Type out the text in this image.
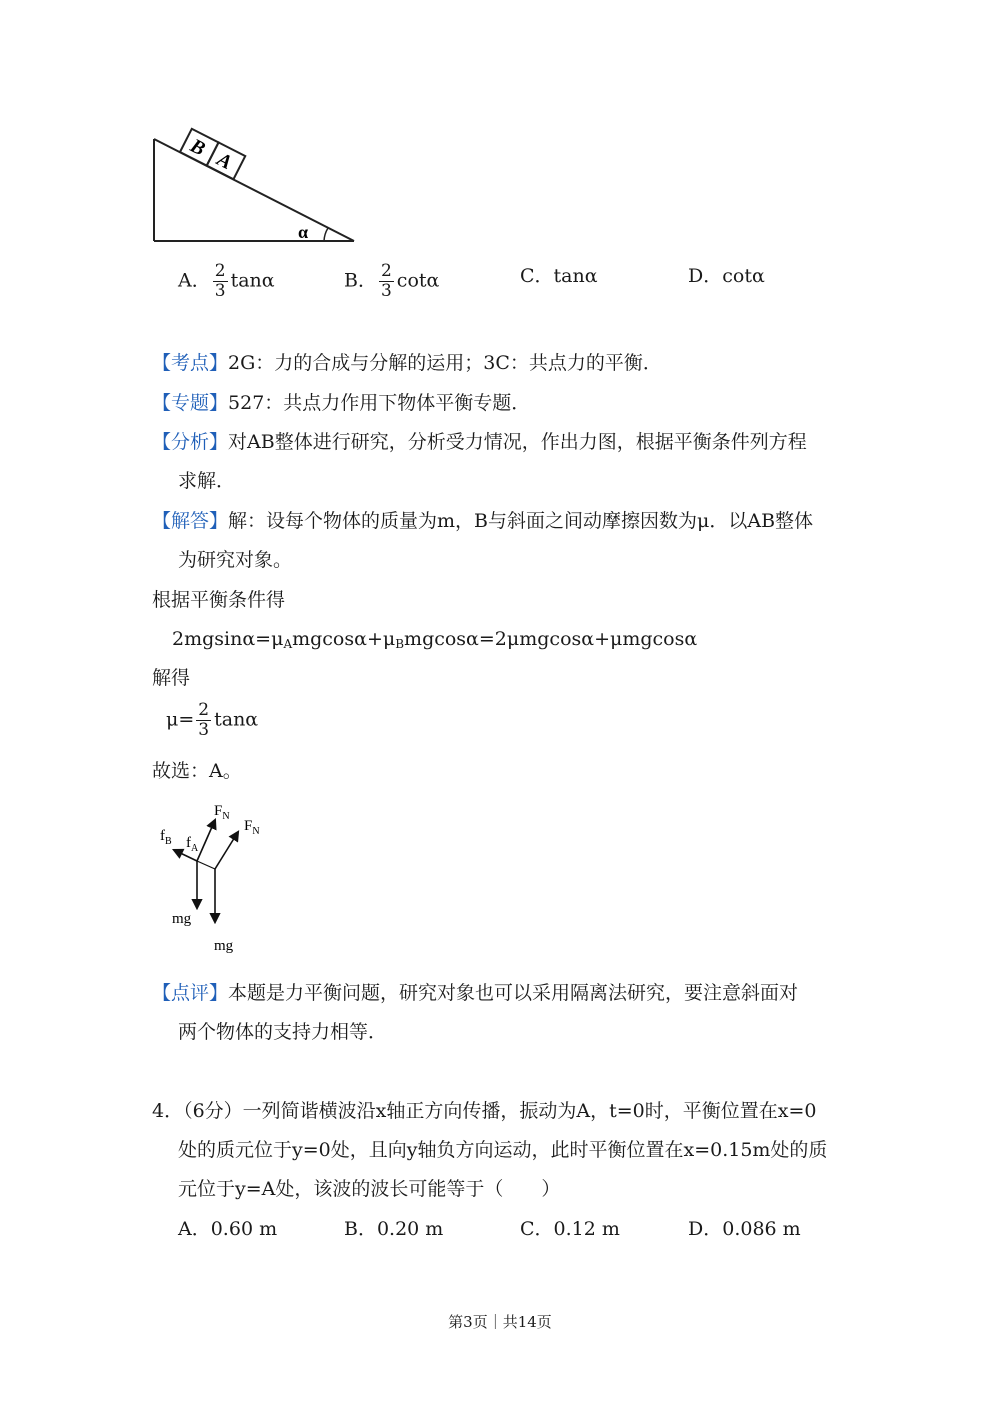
B
A
α
A． $\frac{2}{3}$ tanα	B． $\frac{2}{3}$ cotα	C．tanα	D．cotα
【考点】2G：力的合成与分解的运用；3C：共点力的平衡．
【专题】527：共点力作用下物体平衡专题．
【分析】对AB整体进行研究，分析受力情况，作出力图，根据平衡条件列方程
求解．
【解答】解：设每个物体的质量为m，B与斜面之间动摩擦因数为μ．以AB整体
为研究对象。
根据平衡条件得
$2mgsin\alpha=\mu_Amgcos\alpha+\mu_Bmgcos\alpha=2\mu mgcos\alpha+\mu mgcos\alpha$
解得
$\mu= \frac{2}{3}$ tanα
故选：A。
$F_N$
$F_N$
$f_B$ $f_A$
mg
mg
【点评】本题是力平衡问题，研究对象也可以采用隔离法研究，要注意斜面对
两个物体的支持力相等．
4．（6分）一列简谐横波沿x轴正方向传播，振动为A，t=0时，平衡位置在x=0
处的质元位于y=0处，且向y轴负方向运动，此时平衡位置在x=0.15m处的质
元位于y=A处，该波的波长可能等于（　　）
A．0.60 m	B．0.20 m	C．0.12 m	D．0.086 m
第3页｜共14页
